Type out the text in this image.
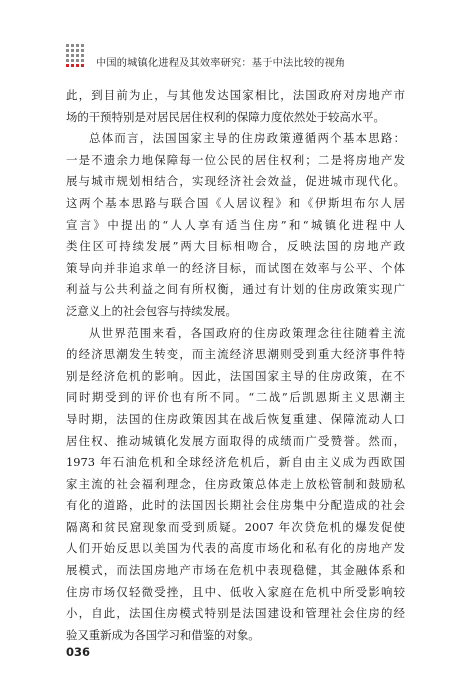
中国的城镇化进程及其效率研究：基于中法比较的视角
此，到目前为止，与其他发达国家相比，法国政府对房地产市
场的干预特别是对居民居住权利的保障力度依然处于较高水平。
总体而言，法国国家主导的住房政策遵循两个基本思路：
一是不遗余力地保障每一位公民的居住权利；二是将房地产发
展与城市规划相结合，实现经济社会效益，促进城市现代化。
这两个基本思路与联合国《人居议程》和《伊斯坦布尔人居
宣言》中提出的“人人享有适当住房”和“城镇化进程中人
类住区可持续发展”两大目标相吻合，反映法国的房地产政
策导向并非追求单一的经济目标，而试图在效率与公平、个体
利益与公共利益之间有所权衡，通过有计划的住房政策实现广
泛意义上的社会包容与持续发展。
从世界范围来看，各国政府的住房政策理念往往随着主流
的经济思潮发生转变，而主流经济思潮则受到重大经济事件特
别是经济危机的影响。因此，法国国家主导的住房政策，在不
同时期受到的评价也有所不同。“二战”后凯恩斯主义思潮主
导时期，法国的住房政策因其在战后恢复重建、保障流动人口
居住权、推动城镇化发展方面取得的成绩而广受赞誉。然而，
1973 年石油危机和全球经济危机后，新自由主义成为西欧国
家主流的社会福利理念，住房政策总体走上放松管制和鼓励私
有化的道路，此时的法国因长期社会住房集中分配造成的社会
隔离和贫民窟现象而受到质疑。2007 年次贷危机的爆发促使
人们开始反思以美国为代表的高度市场化和私有化的房地产发
展模式，而法国房地产市场在危机中表现稳健，其金融体系和
住房市场仅轻微受挫，且中、低收入家庭在危机中所受影响较
小，自此，法国住房模式特别是法国建设和管理社会住房的经
验又重新成为各国学习和借鉴的对象。
036
